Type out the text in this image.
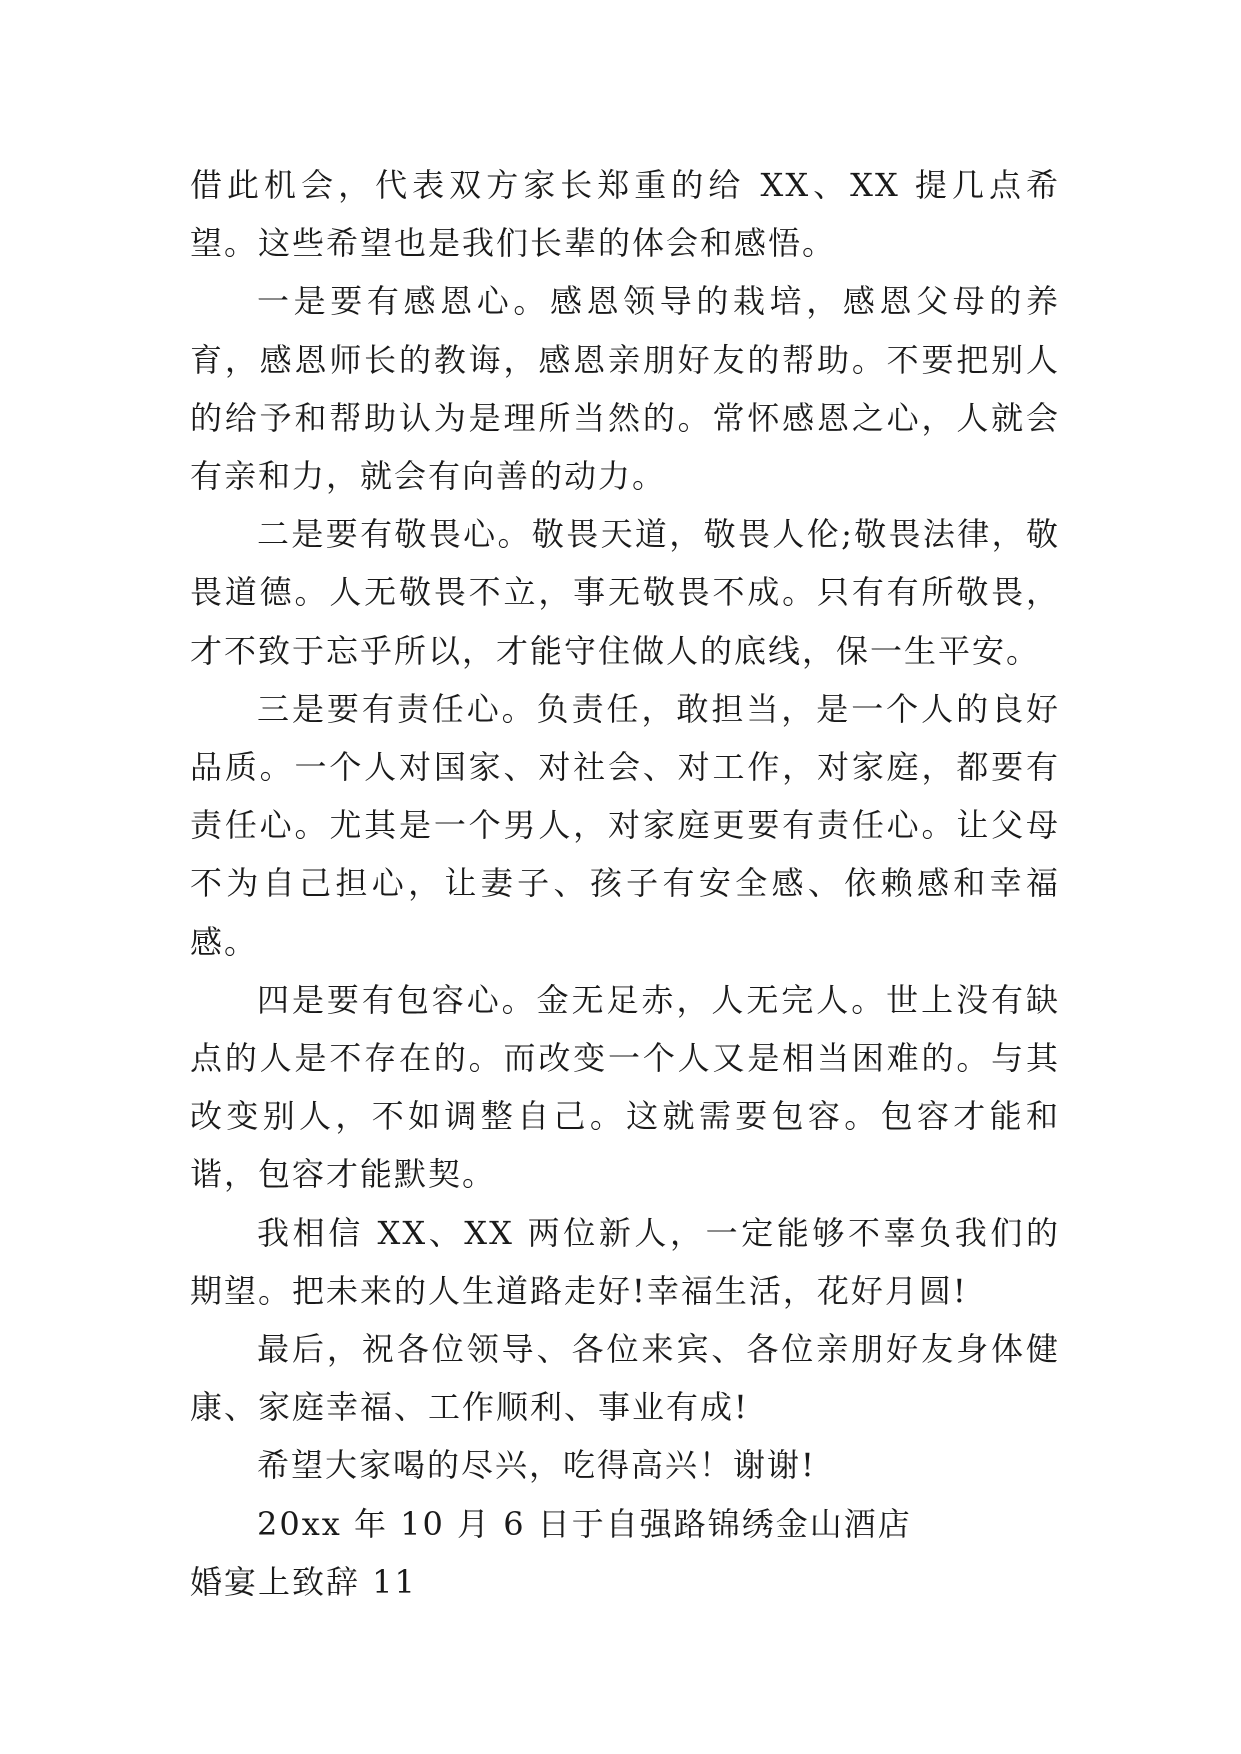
借此机会，代表双方家长郑重的给 XX、XX 提几点希望。这些希望也是我们长辈的体会和感悟。

一是要有感恩心。感恩领导的栽培，感恩父母的养育，感恩师长的教诲，感恩亲朋好友的帮助。不要把别人的给予和帮助认为是理所当然的。常怀感恩之心，人就会有亲和力，就会有向善的动力。

二是要有敬畏心。敬畏天道，敬畏人伦;敬畏法律，敬畏道德。人无敬畏不立，事无敬畏不成。只有有所敬畏，才不致于忘乎所以，才能守住做人的底线，保一生平安。

三是要有责任心。负责任，敢担当，是一个人的良好品质。一个人对国家、对社会、对工作，对家庭，都要有责任心。尤其是一个男人，对家庭更要有责任心。让父母不为自己担心，让妻子、孩子有安全感、依赖感和幸福感。

四是要有包容心。金无足赤，人无完人。世上没有缺点的人是不存在的。而改变一个人又是相当困难的。与其改变别人，不如调整自己。这就需要包容。包容才能和谐，包容才能默契。

我相信 XX、XX 两位新人，一定能够不辜负我们的期望。把未来的人生道路走好!幸福生活，花好月圆!

最后，祝各位领导、各位来宾、各位亲朋好友身体健康、家庭幸福、工作顺利、事业有成!

希望大家喝的尽兴，吃得高兴！谢谢!

20xx 年 10 月 6 日于自强路锦绣金山酒店

婚宴上致辞 11
